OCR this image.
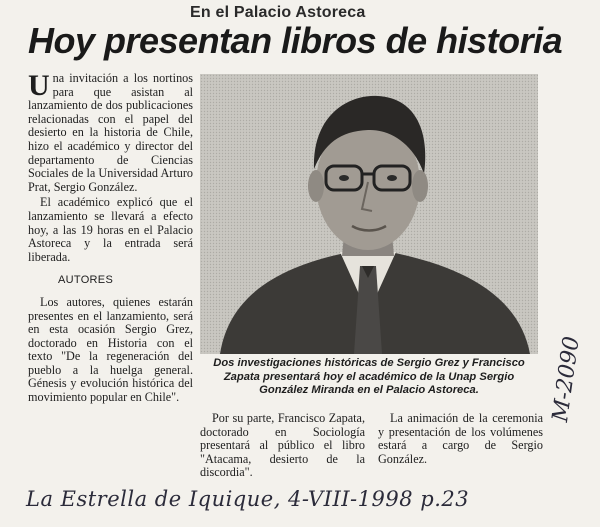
En el Palacio Astoreca
Hoy presentan libros de historia

Una invitación a los nortinos para que asistan al lanzamiento de dos publicaciones relacionadas con el papel del desierto en la historia de Chile, hizo el académico y director del departamento de Ciencias Sociales de la Universidad Arturo Prat, Sergio González.

El académico explicó que el lanzamiento se llevará a efecto hoy, a las 19 horas en el Palacio Astoreca y la entrada será liberada.

AUTORES

Los autores, quienes estarán presentes en el lanzamiento, será en esta ocasión Sergio Grez, doctorado en Historia con el texto "De la regeneración del pueblo a la huelga general. Génesis y evolución histórica del movimiento popular en Chile".

Dos investigaciones históricas de Sergio Grez y Francisco Zapata presentará hoy el académico de la Unap Sergio González Miranda en el Palacio Astoreca.

Por su parte, Francisco Zapata, doctorado en Sociología presentará al público el libro "Atacama, desierto de la discordia".

La animación de la ceremonia y presentación de los volúmenes estará a cargo de Sergio González.

La Estrella de Iquique, 4-VIII-1998 p.23
M-2090
